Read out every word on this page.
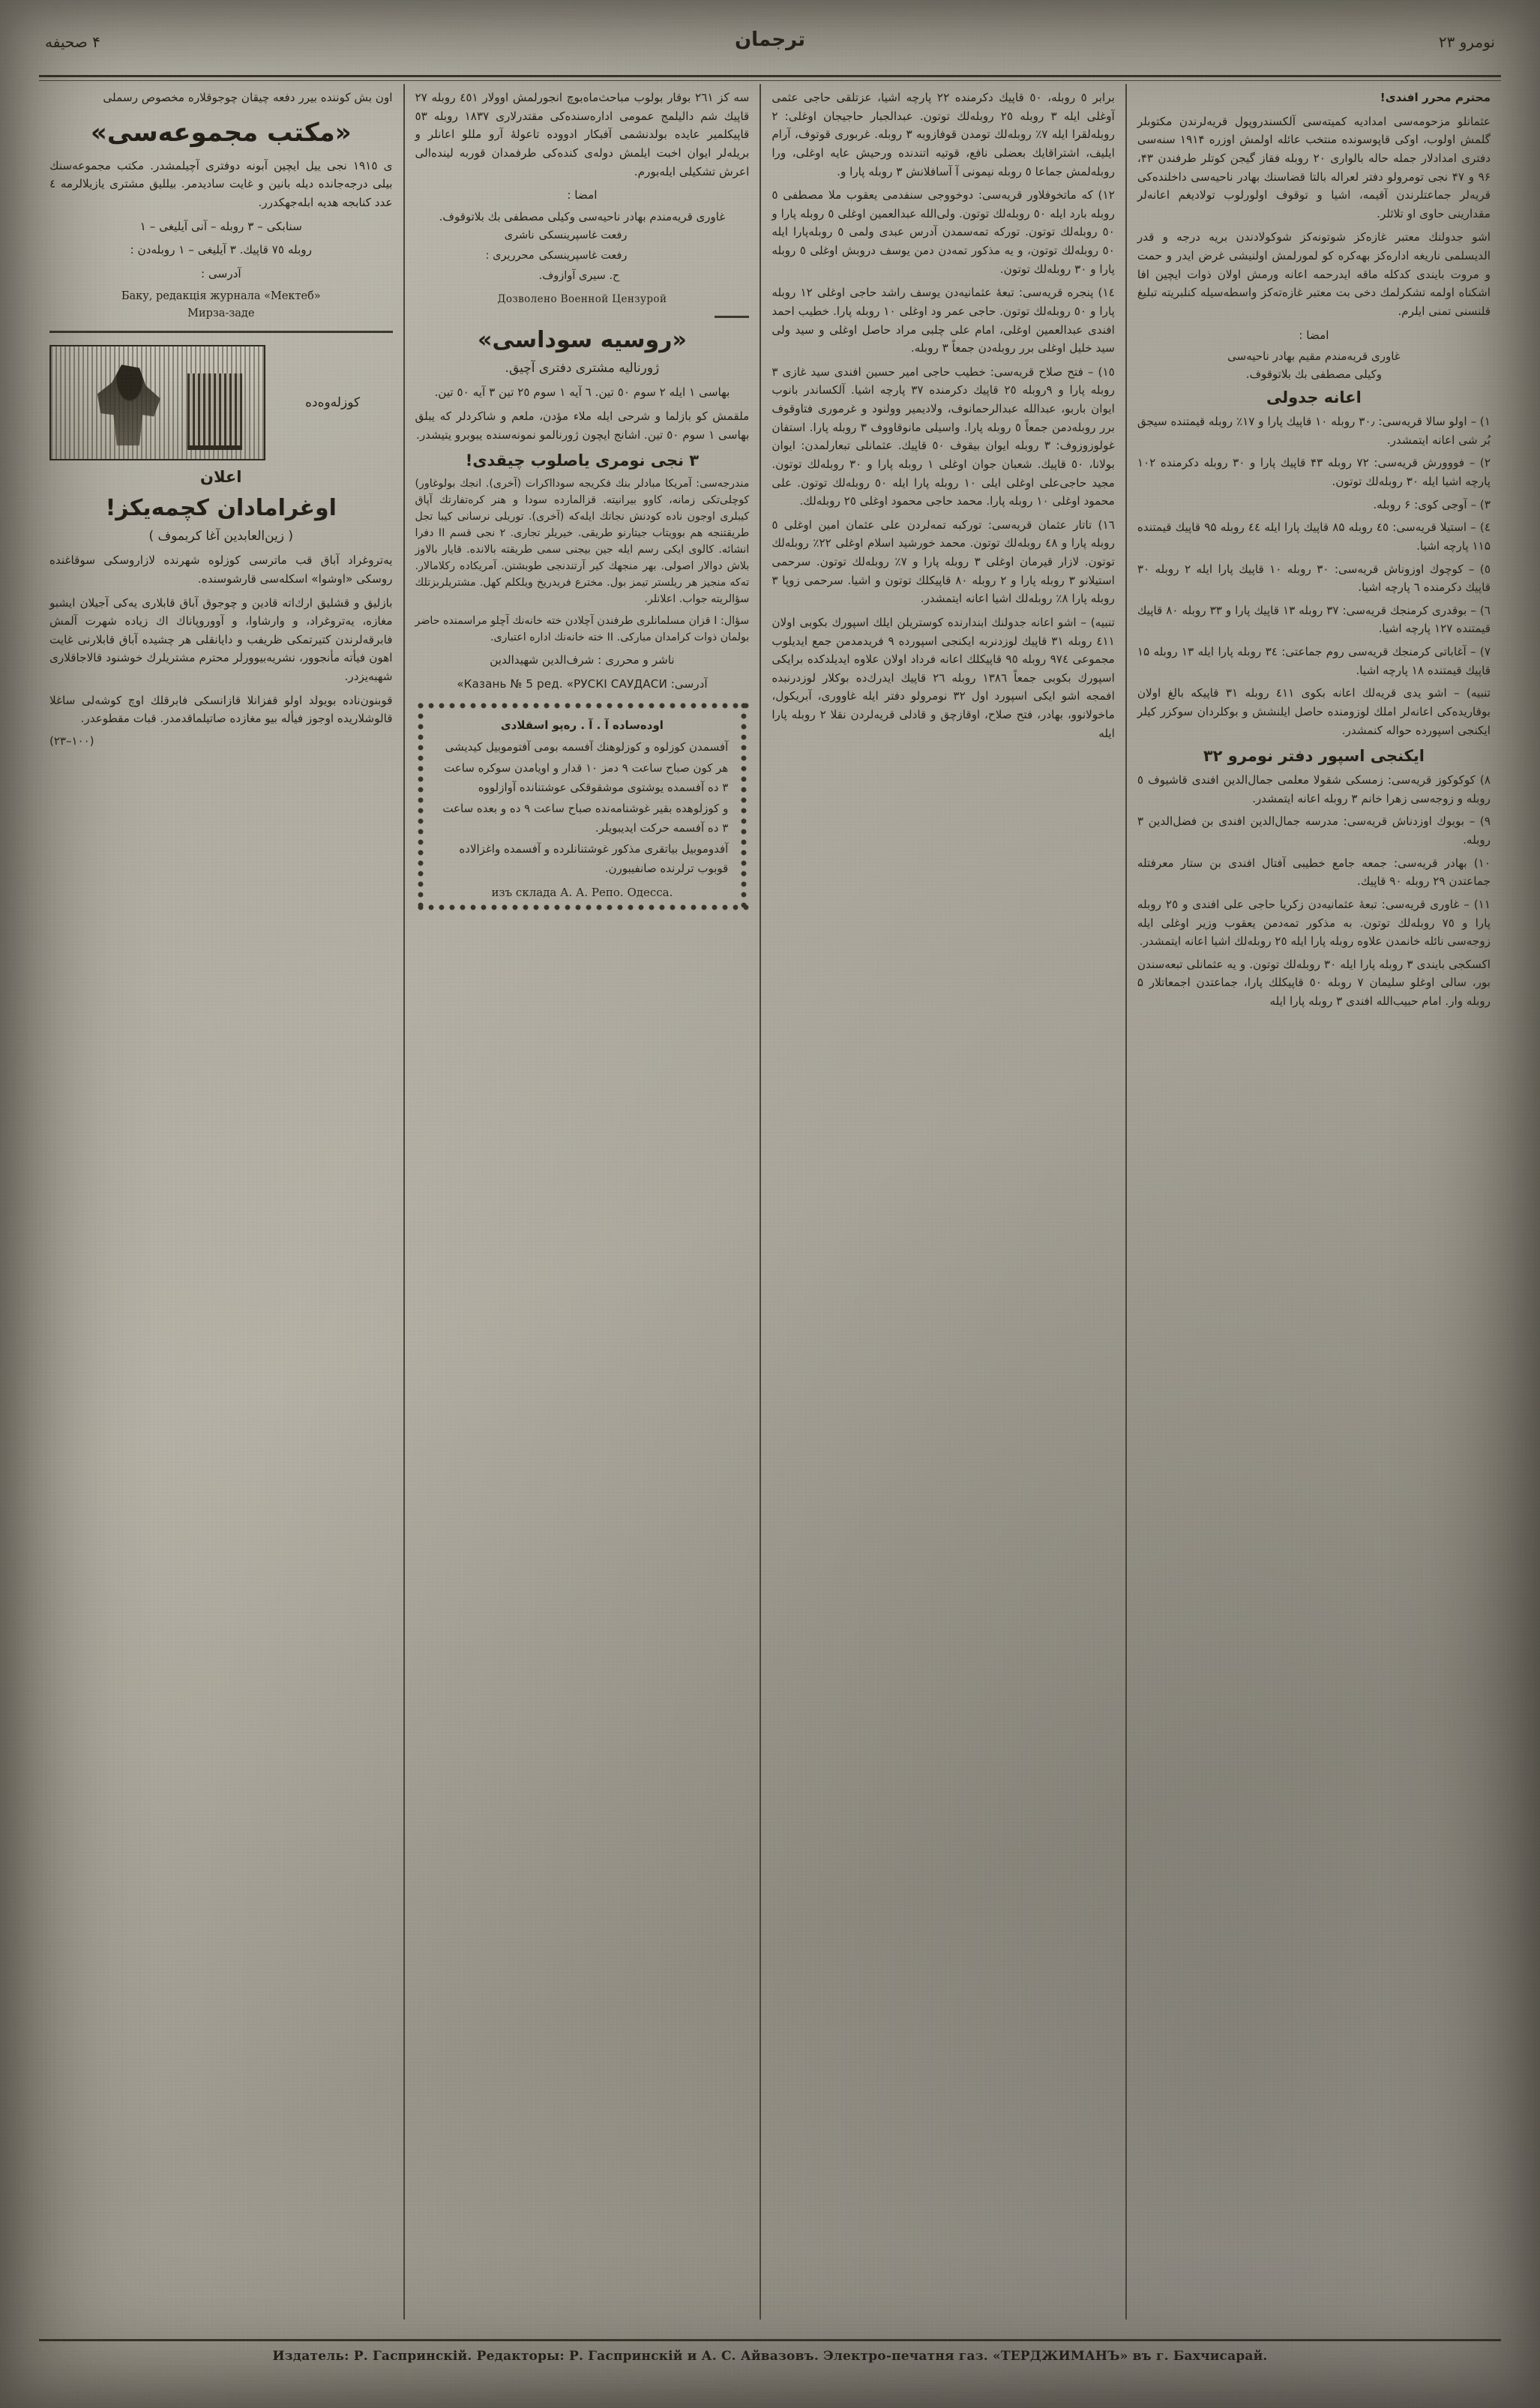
۴ صحیفه	ترجمان	نومرو ۲۳
محترم محرر افندی!

عثمانلو مزحومه‌سی امدادیه کمیته‌سی آلکسندروپول قریه‌لرندن مکتوبلر گلمش اولوب، اوکی قاپوسونده منتخب عائله اولمش اوزره ۱۹۱۴ سنه‌سی دفتری امدادلار جمله حاله بالواری ۲۰ روبله فقاز گیجن کوتلر طرفندن ۴۳، ۹۶ و ۴۷ نجی تومرولو دفتر لعراله بالتا قضاسنك بهادر ناحیه‌سی داخلنده‌كی قریه‌لر جماعتلرندن آقیمه، اشیا و توقوف اولورلوب تولادیغم اعانه‌لر مقدارینی حاوی او تلاثلر.

اشو جدولنك معتبر غازه‌كز شوتونه‌كز شوكولادندن بریه درجه و قدر الدیسلمی ناریغه اداره‌كز بهه‌كره كو لمورلمش اولنیشی غرض ایدر و حمت و مروت بایندی كدكله ماقه ایدرحمه اعانه ورمش اولان ذوات ایچین افا اشكناه اولمه تشكرلمك دخی بت معتبر غازه‌ته‌كز واسطه‌سیله كنلبریته تبلیغ قلنسنی تمنی ایلرم.

امضا :
غاوری قریه‌مندم مقیم بهادر ناحیه‌سی
وكیلی مصطفی بك بلاتوقوف.
اعانه جدولی

۱) – اولو سالا قریه‌سی: ۳۰٫ روبله ۱۰ قاپیك پارا و ۱۷٪ روبله قیمتنده سیجق بُر شی اعانه ایتمشدر.

۲) – فووورش قریه‌سی: ۷۲ روبله ۴۳ قاپیك پارا و ۳۰ روبله دكرمنده ۱۰۲ پارچه اشیا ایله ۳۰ روبله‌لك توتون.

۳) – آوجی كوی: ۶ روبله.

٤) – استیلا قریه‌سی: ٤٥ روبله ۸۵ قاپیك پارا ایله ٤٤ روبله ۹۵ قاپیك قیمتنده ۱۱۵ پارچه اشیا.

٥) – كوچوك اوزوناش قریه‌سی: ۳۰ روبله ۱۰ قاپیك پارا ایله ۲ روبله ۳۰ قاپیك دكرمنده ٦ پارچه اشیا.

٦) – بوقدری كرمنجك قریه‌سی: ۳۷ روبله ۱۳ قاپیك پارا و ۳۳ روبله ۸۰ قاپیك قیمتنده ۱۲۷ پارچه اشیا.

۷) – آغاباتی كرمنجك قریه‌سی روم جماعتی: ۳٤ روبله پارا ایله ۱۳ روبله ۱۵ قاپیك قیمتنده ۱۸ پارچه اشیا.

تنبیه) – اشو یدی قریه‌لك اعانه بكوی ٤۱۱ روبله ۳۱ قاپیكه بالغ اولان بوقاریده‌كی اعانه‌لر املك لوزومنده حاصل ایلنشش و بوكلردان سوكزر كیلر ایكنجی اسپورده حواله كنمشدر.

ایكنجی اسپور دفتر نومرو ۳۲

۸) كوكوكوز قریه‌سی: زمسكی شقولا معلمی جمال‌الدین افندی قاشیوف ٥ روبله و زوجه‌سی زهرا خانم ۳ روبله اعانه ایتمشدر.

۹) – بویوك اوزدناش قریه‌سی: مدرسه جمال‌الدین افندی بن فضل‌الدین ۳ روبله.

۱۰) بهادر قریه‌سی: جمعه جامع خطیبی آفتال افندی بن ستار معرفتله جماعتدن ۲۹ روبله ۹۰ قاپیك.

۱۱) – غاوری قریه‌سی: تبعهٔ عثمانیه‌دن زكریا حاجی علی افندی و ۲٥ روبله پارا و ۷٥ روبله‌لك توتون. به مذكور تمه‌دمن یعقوب وزیر اوغلی ایله زوجه‌سی نائله خانمدن علاوه روبله پارا ایله ۲٥ روبله‌لك اشیا اعانه ایتمشدر.

اكسكجی بایندی ۳ روبله پارا ایله ۳۰ روبله‌لك توتون. و یه عثمانلی تبعه‌سندن بور، سالی اوغلو سلیمان ۷ روبله ٥۰ قاپیكلك پارا، جماعتدن اجمعاتلار ۵ روبله وار. امام حبیب‌الله افندی ۳ روبله پارا ایله

برابر ٥ روبله، ٥٠ قاپیك دكرمنده ۲۲ پارچه اشیا، عزتلقی حاجی عثمی آوغلی ایله ۳ روبله ۲٥ روبله‌لك توتون. عبدالجبار حاجیجان اوغلی: ۲ روبله‌لقرا ایله ۷٪ روبله‌لك تومدن قوفازوبه ۳ روبله. غربوری قوتوف، آرام ایلیف، اشتراقایك بعضلی نافع، قوتیه اتندنده ورحیش عایه اوغلی، ورا روبله‌لمش جماعا ٥ روبله نیمونی آ آسافلانش ۳ روبله پارا و.

۱۲) كه ماتخوفلاور قریه‌سی: دوخووجی سنفدمی یعقوب ملا مصطفی ٥ روبله بارد ایله ٥۰ روبله‌لك توتون. ولی‌الله عبدالعمین اوغلی ٥ روبله پارا و ٥۰ روبله‌لك توتون. توركه تمه‌سمدن آدرس عبدی ولمی ٥ روبله‌پارا ایله ٥۰ روبله‌لك توتون، و یه مذكور تمه‌دن دمن یوسف دروبش اوغلی ٥ روبله پارا و ۳۰ روبله‌لك توتون.

۱٤) پنجره قریه‌سی: تبعهٔ عثمانیه‌دن یوسف راشد حاجی اوغلی ۱۲ روبله پارا و ٥۰ روبله‌لك توتون. حاجی عمر ود اوغلی ۱۰ روبله پارا. خطیب احمد افندی عبدالعمین اوغلی، امام علی چلبی مراد حاصل اوغلی و سید ولی سید خلیل اوغلی برر روبله‌دن جمعاً ۳ روبله.

۱٥) – فتح صلاح قریه‌سی: خطیب حاجی امیر حسین افندی سید غازی ۳ روبله پارا و ۹روبله ۲٥ قاپیك دكرمنده ۳۷ پارچه اشیا. آلكساندر بانوب ایوان باربو، عبدالله عبدالرحمانوف، ولادیمیر وولنود و غرموری فتاوقوف برر روبله‌دمن جمعاً ٥ روبله پارا. واسیلی مانوقاووف ۳ روبله پارا. استفان غولوزوزوف: ۳ روبله ایوان بیقوف ٥۰ قاپیك. عثمانلی تبعارلمدن: ایوان بولانا، ٥۰ قاپیك. شعبان جوان اوغلی ۱ روبله پارا و ۳۰ روبله‌لك توتون. مجید حاجی‌علی اوغلی ایلی ۱۰ روبله پارا ایله ٥۰ روبله‌لك توتون. علی محمود اوغلی ۱۰ روبله پارا. محمد حاجی محمود اوغلی ۲٥ روبله‌لك.

۱٦) تاتار عثمان قریه‌سی: توركبه تمه‌لردن علی عثمان امین اوغلی ٥ روبله پارا و ٤۸ روبله‌لك توتون. محمد خورشید اسلام اوغلی ۲۲٪ روبله‌لك توتون. لازار قیرمان اوغلی ۳ روبله پارا و ۷٪ روبله‌لك توتون. سرحمی استیلانو ۳ روبله پارا و ۲ روبله ۸۰ قاپیكلك توتون و اشیا. سرحمی زوپا ۳ روبله پارا ۸٪ روبله‌لك اشیا اعانه ایتمشدر.

تنبیه) – اشو اعانه جدولنك ابندارنده كوستریلن ایلك اسپورك بكوبی اولان ٤۱۱ روبله ۳۱ قاپیك لوزدنربه ایكنجی اسپورده ۹ فریدمدمن جمع ایدیلوب مجموعی ۹۷٤ روبله ۹٥ قاپیكلك اعانه فرداد اولان علاوه ایدیلدكده برایكی اسپورك بكوبی جمعاً ۱۳۸٦ روبله ۲٦ قاپیك ایدرك‌ده بوكلار لوزدرنبده افمجه اشو ایكی اسپورد اول ۳۲ نومرولو دفتر ایله غاووری، آبریكول، ماخولانوو، بهادر، فتح صلاح، اوقازچق و قادلی قریه‌لردن نقلا ۲ روبله پارا ایله

سه كز ۲٦۱ بوقار بولوب مباحث‌ماه‌بوچ انجورلمش اوولار ٤٥۱ روبله ۲۷ قاپیك شم دالیلمج عمومی اداره‌سنده‌كی مقتدرلاری ۱۸۳۷ روبله ٥۳ قاپیكلمیر عایده بولدنشمی آفبكار ادووده تاعولهٔ آرو مللو اعانلر و بریله‌لر ایوان اخبت ایلمش دوله‌ی كنده‌كی طرفمدان قوربه لینده‌الی اعرش تشكیلی ایله‌بورم.

امضا :
غاوری قریه‌مندم بهادر ناحیه‌سی وكیلی مصطفی بك بلاتوقوف.
رفعت غاسپرینسكی	ناشری
رفعت غاسپرینسكی	محرریری :
ح. سیری آوازوف.	
Дозволено Военной Цензурой
«روسیه سوداسی»
ژورنالیه مشتری دفتری آچیق.

بهاسی ۱ ایله ۲ سوم ٥۰ تین. ٦ آیه ۱ سوم ۲٥ تین ۳ آیه ٥۰ تین.

ملقمش كو بازلما و شرحی ایله ملاء مؤدن، ملعم و شاكردلر كه یبلق بهاسی ۱ سوم ٥۰ تین. اشانج ایچون ژورنالمو نمونه‌سنده یبوبرو یتیشدر.

۳ نجی نومری یاصلوب چیقدی!

مندرجه‌سی: آمریكا مبادلر بنك فكریجه سودااكرات (آخری). انجك بولوغاور) كوچلی‌تكی زمانه، كاوو بیرانیته. قزالمارده سودا و هنر كره‌تفارتك آپاق كیبلری اوجون ناده كودنش نجاتك ایله‌كه (آخری). توریلی نرسانی كیبا تجل طریقتنجه هم بوویتاب جیتارنو طریقی. خیریلر تجاری. ۲ نجی قسم II دفرا انشائه. كالوی ایكی رسم ایله جین بیجنی سمی طریقته بالانده. قایار بالاوز بلاش دوالار اصولی. بهر منجهك كیر آرتندنجی طوبشتن. آمریكاده ركلامالار. ته‌كه منجیز هر ریلستر تیمز بول. مخترع فریدریخ ویلكلم كهل. مشتریلربزتلك سؤالریته جواب. اعلانلر.

سؤال: I قزان مسلمانلری طرفندن آچلادن خته خانه‌نك آچلو مراسمنده حاضر بولمان ذوات كرامدان مباركی. II خته خانه‌نك اداره اعتباری.

ناشر و محرری : شرف‌الدین شهیدالدین
آدرسی: Казань № 5 ред. «РУСКI САУДАСИ»
اوده‌ساده آ . آ . رەپو اسقلادی
آفسمدن كوزلوه و كوزلوهنك آفسمه بومی آفتوموبیل كیدیشی
هر كون صباح ساعت ۹ دمز ۱۰ قدار و اویامدن سوكره ساعت ۳ ده آفسمده یوشتوی موشقوقكی عوشتنانده آوازلووه
و كوزلوهده بقیر غوشنامه‌نده صباح ساعت ۹ ده و بعده ساعت ۳ ده آفسمه حركت ایدیبویلر.
آفدوموبیل بیاتقری مذكور غوشتنانلرده و آفسمده واغزالاده قوبوب ترلرنده صانفیبورن.
изъ склада А. А. Репо. Одесса.

اون بش كوننده بیرر دفعه چیقان چوجوقلاره مخصوص رسملی

«مكتب مجموعه‌سی»

ی ۱۹۱٥ نجی ییل ایچین آبونه دوفتری آچیلمشدر. مكتب مجموعه‌سنك بیلی درجه‌جانده دیله بانین و غایت سادیدمر. بیللیق مشتری یازیلالرمه ٤ عدد كنابجه هدیه ابله‌جهكدرر.

سنابكی – ۳ روبله – آنی آیلیغی – ۱

روبله ۷٥ قاپیك. ۳ آیلیغی – ۱ روبله‌دن :

آدرسی :

Баку, редакція журнала «Мектеб»
Мирза-заде
كوزله‌وه‌ده
اعلان
اوغرامادان كچمه‌یكز!
( زین‌العابدین آغا كربموف )

یه‌تروغراد آباق قب ماترسی كوزلوه شهرنده لازاروسكی سوقاغنده روسكی «اوشوا» اسكله‌سی قارشوسنده.

بازلیق و قشلیق ارك‌اته قادین و چوجوق آباق قابلاری یه‌كی آجیلان ایشبو مغازه، یه‌تروغراد، و وارشاوا، و آووروپاناك اك زیاده شهرت آلمش فابرقه‌لرندن كتیرتمكی ظریفب و دایانقلی هر چشیده آباق قابلارنی غایت اهون فیأته مأنجوور، نشریه‌بیوورلر محترم مشتریلرك خوشنود قالاجاقلاری شهبه‌یزدر.

قوبنون‌ناده بویولد اولو قفزانلا قازانسكی فابرقلك اوچ كوشه‌لی ساغلا قالوشلاریده اوجوز فیأله بیو مغازده صاتیلماقدمدر. قبات مقطوعدر.

(۱۰۰–۲۳)
Издатель: Р. Гаспринскій. Редакторы: Р. Гаспринскій и А. С. Айвазовъ. Электро-печатня газ. «ТЕРДЖИМАНЪ» въ г. Бахчисарай.
